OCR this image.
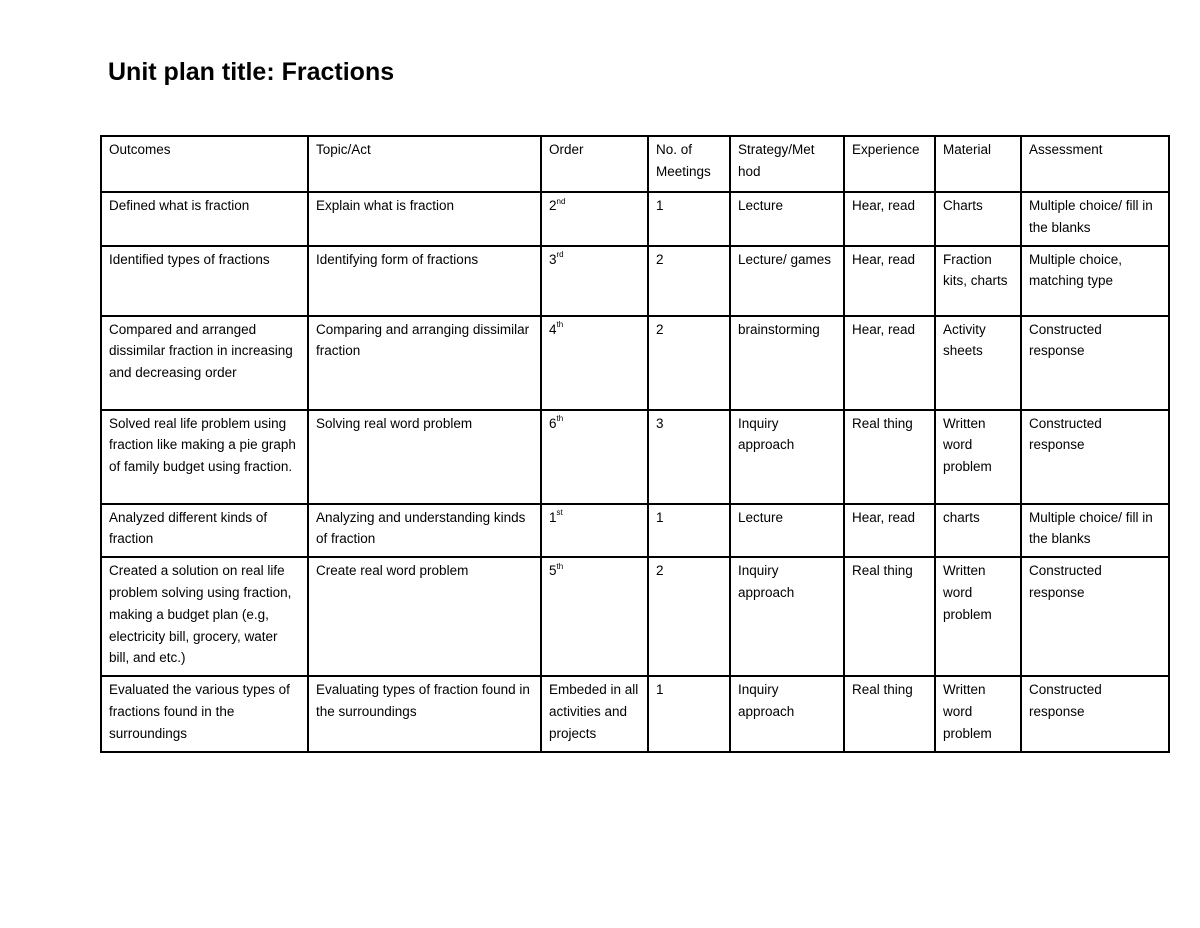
Unit plan title: Fractions
Outcomes	Topic/Act	Order	No. of Meetings	Strategy/Met hod	Experience	Material	Assessment
Defined what is fraction	Explain what is fraction	2nd	1	Lecture	Hear, read	Charts	Multiple choice/ fill in the blanks
Identified types of fractions	Identifying form of fractions	3rd	2	Lecture/ games	Hear, read	Fraction kits, charts	Multiple choice, matching type
Compared and arranged dissimilar fraction in increasing and decreasing order	Comparing and arranging dissimilar fraction	4th	2	brainstorming	Hear, read	Activity sheets	Constructed response
Solved real life problem using fraction like making a pie graph of family budget using fraction.	Solving real word problem	6th	3	Inquiry approach	Real thing	Written word problem	Constructed response
Analyzed different kinds of fraction	Analyzing and understanding kinds of fraction	1st	1	Lecture	Hear, read	charts	Multiple choice/ fill in the blanks
Created a solution on real life problem solving using fraction, making a budget plan (e.g, electricity bill, grocery, water bill, and etc.)	Create real word problem	5th	2	Inquiry approach	Real thing	Written word problem	Constructed response
Evaluated the various types of fractions found in the surroundings	Evaluating types of fraction found in the surroundings	Embeded in all activities and projects	1	Inquiry approach	Real thing	Written word problem	Constructed response
